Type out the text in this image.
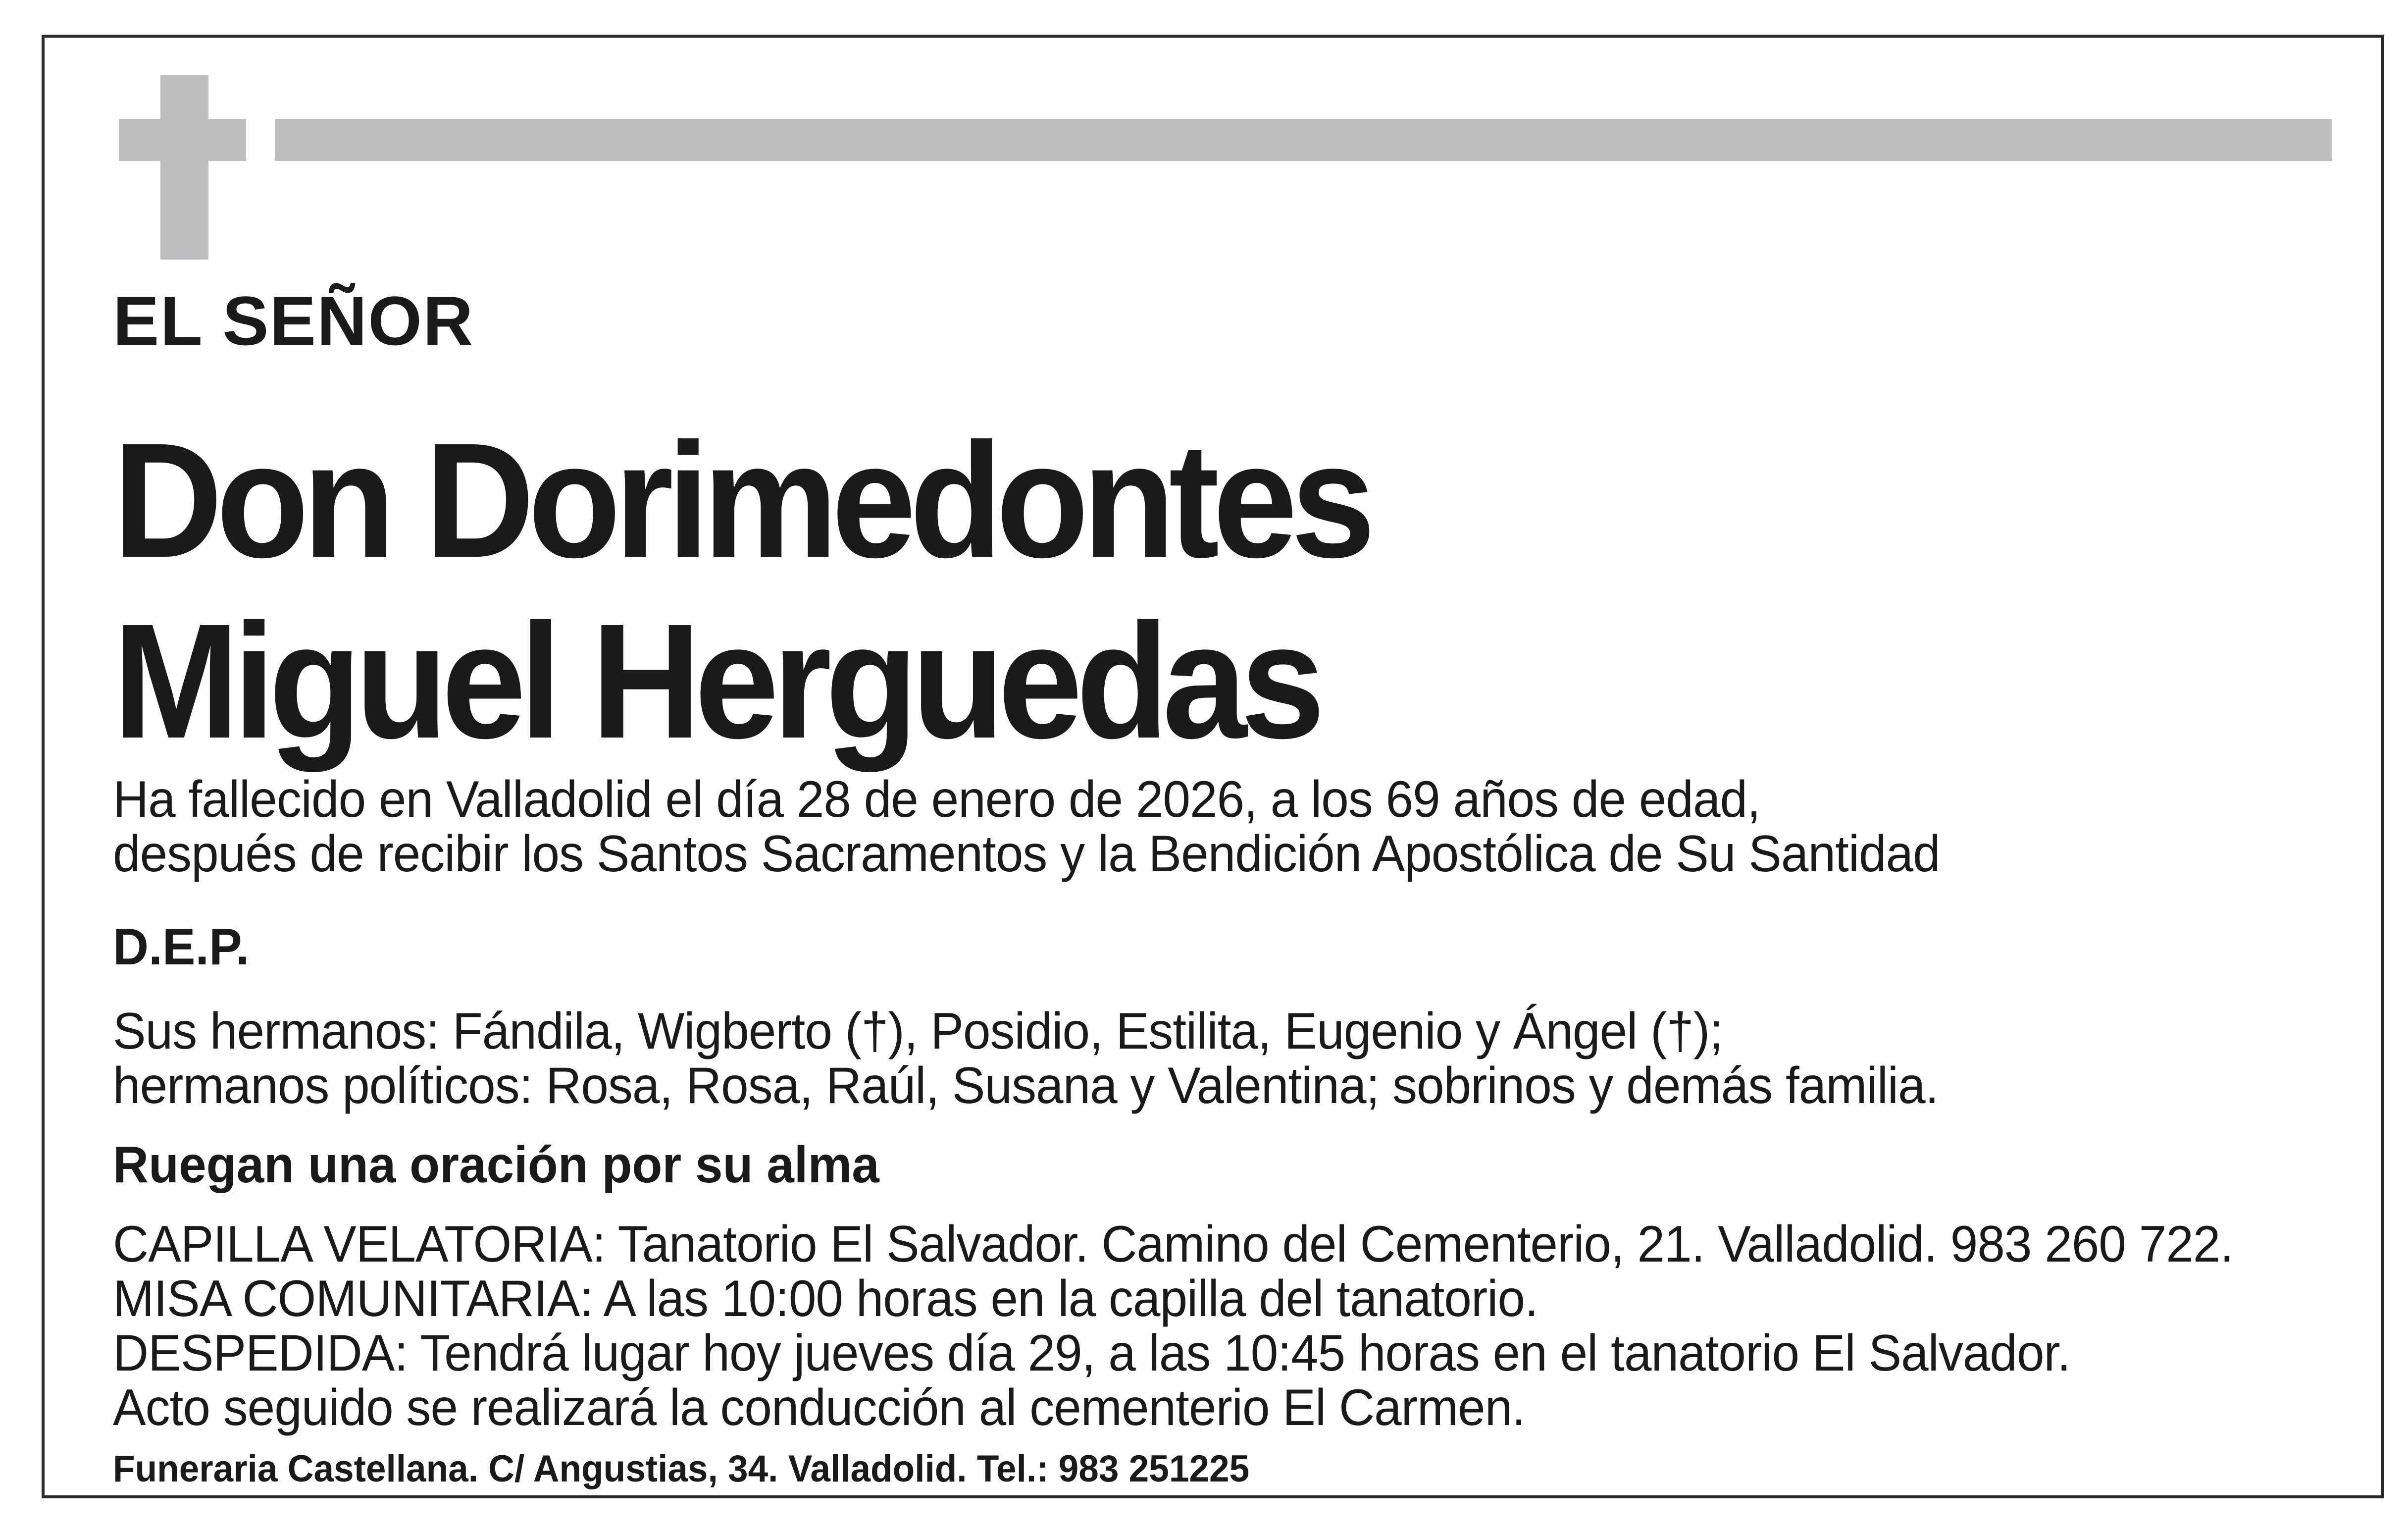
EL SEÑOR

Don Dorimedontes

Miguel Herguedas

Ha fallecido en Valladolid el día 28 de enero de 2026, a los 69 años de edad,

después de recibir los Santos Sacramentos y la Bendición Apostólica de Su Santidad

D.E.P.

Sus hermanos: Fándila, Wigberto (†), Posidio, Estilita, Eugenio y Ángel (†);

hermanos políticos: Rosa, Rosa, Raúl, Susana y Valentina; sobrinos y demás familia.

Ruegan una oración por su alma

CAPILLA VELATORIA: Tanatorio El Salvador. Camino del Cementerio, 21. Valladolid. 983 260 722.

MISA COMUNITARIA: A las 10:00 horas en la capilla del tanatorio.

DESPEDIDA: Tendrá lugar hoy jueves día 29, a las 10:45 horas en el tanatorio El Salvador.

Acto seguido se realizará la conducción al cementerio El Carmen.

Funeraria Castellana. C/ Angustias, 34. Valladolid. Tel.: 983 251225
